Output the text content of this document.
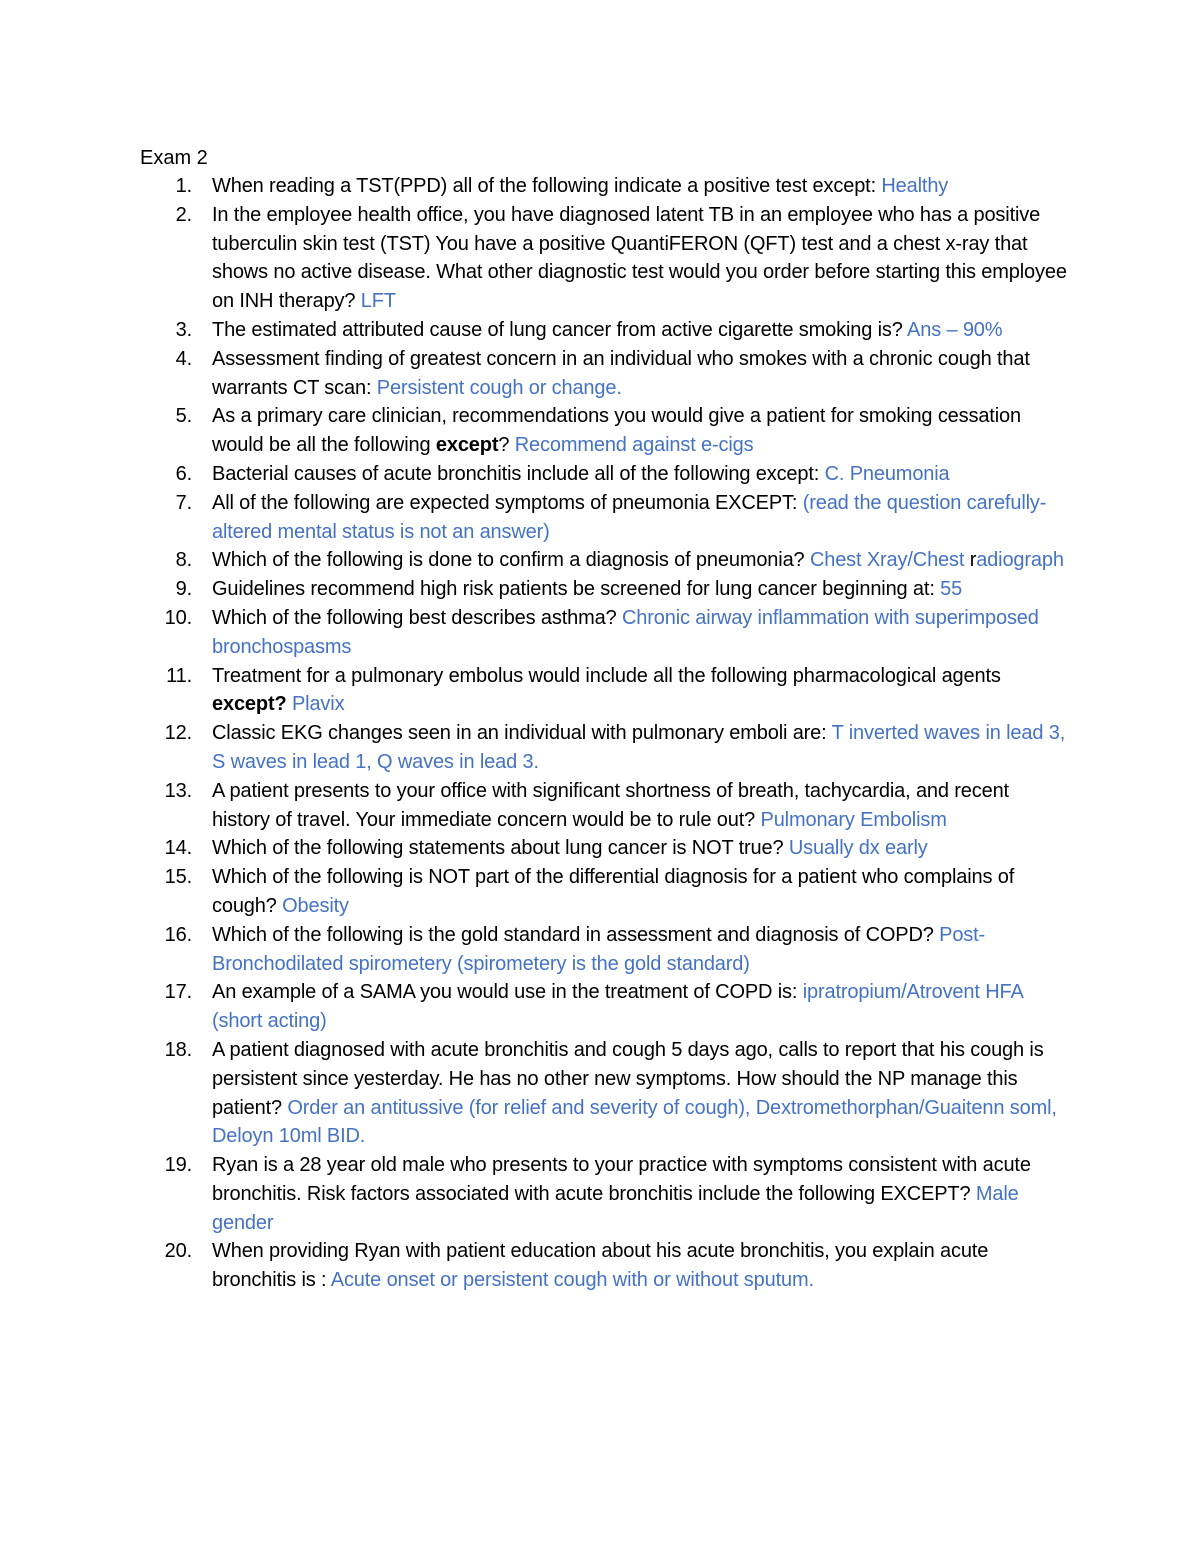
Exam 2
1. When reading a TST(PPD) all of the following indicate a positive test except: Healthy
2. In the employee health office, you have diagnosed latent TB in an employee who has a positive tuberculin skin test (TST) You have a positive QuantiFERON (QFT) test and a chest x-ray that shows no active disease. What other diagnostic test would you order before starting this employee on INH therapy? LFT
3. The estimated attributed cause of lung cancer from active cigarette smoking is? Ans – 90%
4. Assessment finding of greatest concern in an individual who smokes with a chronic cough that warrants CT scan: Persistent cough or change.
5. As a primary care clinician, recommendations you would give a patient for smoking cessation would be all the following except? Recommend against e-cigs
6. Bacterial causes of acute bronchitis include all of the following except: C. Pneumonia
7. All of the following are expected symptoms of pneumonia EXCEPT: (read the question carefully-altered mental status is not an answer)
8. Which of the following is done to confirm a diagnosis of pneumonia? Chest Xray/Chest radiograph
9. Guidelines recommend high risk patients be screened for lung cancer beginning at: 55
10. Which of the following best describes asthma? Chronic airway inflammation with superimposed bronchospasms
11. Treatment for a pulmonary embolus would include all the following pharmacological agents except? Plavix
12. Classic EKG changes seen in an individual with pulmonary emboli are: T inverted waves in lead 3, S waves in lead 1, Q waves in lead 3.
13. A patient presents to your office with significant shortness of breath, tachycardia, and recent history of travel. Your immediate concern would be to rule out? Pulmonary Embolism
14. Which of the following statements about lung cancer is NOT true? Usually dx early
15. Which of the following is NOT part of the differential diagnosis for a patient who complains of cough? Obesity
16. Which of the following is the gold standard in assessment and diagnosis of COPD? Post-Bronchodilated spirometery (spirometery is the gold standard)
17. An example of a SAMA you would use in the treatment of COPD is: ipratropium/Atrovent HFA (short acting)
18. A patient diagnosed with acute bronchitis and cough 5 days ago, calls to report that his cough is persistent since yesterday. He has no other new symptoms. How should the NP manage this patient? Order an antitussive (for relief and severity of cough), Dextromethorphan/Guaitenn soml, Deloyn 10ml BID.
19. Ryan is a 28 year old male who presents to your practice with symptoms consistent with acute bronchitis. Risk factors associated with acute bronchitis include the following EXCEPT? Male gender
20. When providing Ryan with patient education about his acute bronchitis, you explain acute bronchitis is : Acute onset or persistent cough with or without sputum.
